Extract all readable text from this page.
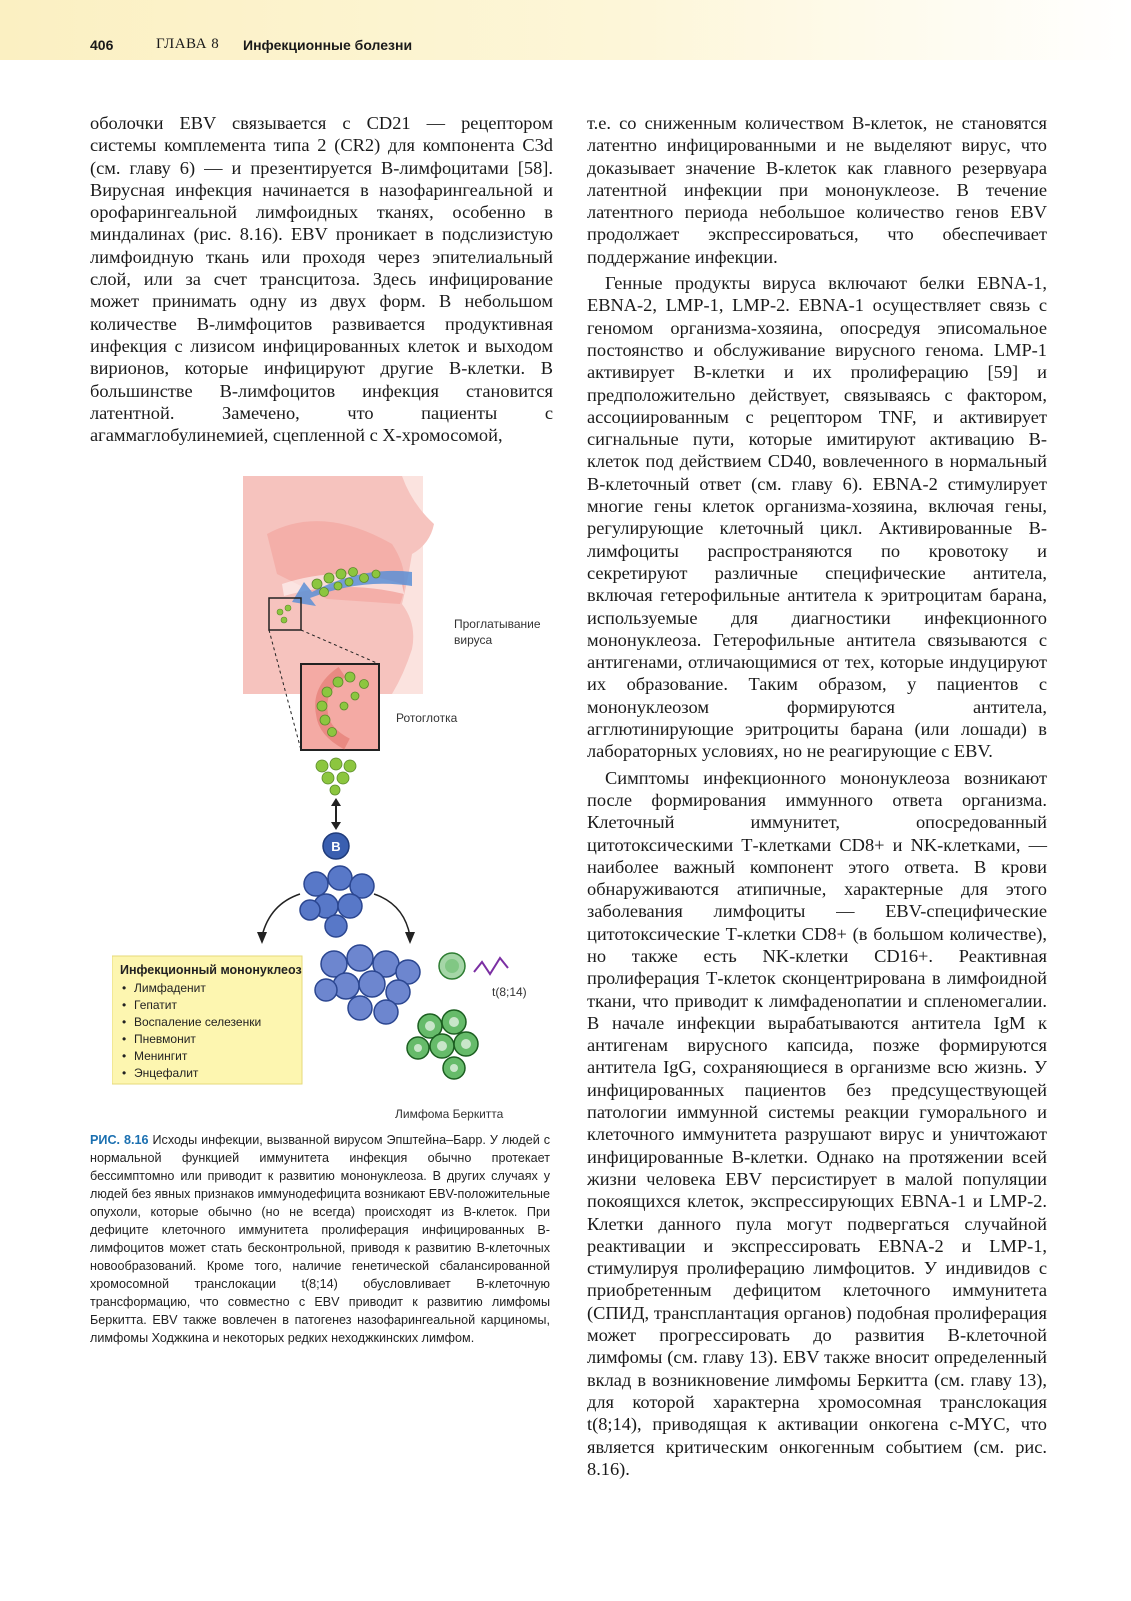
406	ГЛАВА 8 Инфекционные болезни

оболочки EBV связывается с CD21 — рецептором системы комплемента типа 2 (CR2) для компонента C3d (см. главу 6) — и презентируется В-лимфоцитами [58]. Вирусная инфекция начинается в назофарингеальной и орофарингеальной лимфоидных тканях, особенно в миндалинах (рис. 8.16). EBV проникает в подслизистую лимфоидную ткань или проходя через эпителиальный слой, или за счет трансцитоза. Здесь инфицирование может принимать одну из двух форм. В небольшом количестве В-лимфоцитов развивается продуктивная инфекция с лизисом инфицированных клеток и выходом вирионов, которые инфицируют другие В-клетки. В большинстве В-лимфоцитов инфекция становится латентной. Замечено, что пациенты с агаммаглобулинемией, сцепленной с X-хромосомой,

Проглатывание
вируса
Ротоглотка
B
Инфекционный мононуклеоз
• Лимфаденит
• Гепатит
• Воспаление селезенки
• Пневмонит
• Менингит
• Энцефалит
t(8;14)
Лимфома Беркитта
РИС. 8.16 Исходы инфекции, вызванной вирусом Эпштейна–Барр. У людей с нормальной функцией иммунитета инфекция обычно протекает бессимптомно или приводит к развитию мононуклеоза. В других случаях у людей без явных признаков иммунодефицита возникают EBV-положительные опухоли, которые обычно (но не всегда) происходят из В-клеток. При дефиците клеточного иммунитета пролиферация инфицированных В-лимфоцитов может стать бесконтрольной, приводя к развитию В-клеточных новообразований. Кроме того, наличие генетической сбалансированной хромосомной транслокации t(8;14) обусловливает В-клеточную трансформацию, что совместно с EBV приводит к развитию лимфомы Беркитта. EBV также вовлечен в патогенез назофарингеальной карциномы, лимфомы Ходжкина и некоторых редких неходжкинских лимфом.

т.е. со сниженным количеством В-клеток, не становятся латентно инфицированными и не выделяют вирус, что доказывает значение В-клеток как главного резервуара латентной инфекции при мононуклеозе. В течение латентного периода небольшое количество генов EBV продолжает экспрессироваться, что обеспечивает поддержание инфекции.

Генные продукты вируса включают белки EBNA-1, EBNA-2, LMP-1, LMP-2. EBNA-1 осуществляет связь с геномом организма-хозяина, опосредуя эписомальное постоянство и обслуживание вирусного генома. LMP-1 активирует В-клетки и их пролиферацию [59] и предположительно действует, связываясь с фактором, ассоциированным с рецептором TNF, и активирует сигнальные пути, которые имитируют активацию В-клеток под действием CD40, вовлеченного в нормальный В-клеточный ответ (см. главу 6). EBNA-2 стимулирует многие гены клеток организма-хозяина, включая гены, регулирующие клеточный цикл. Активированные В-лимфоциты распространяются по кровотоку и секретируют различные специфические антитела, включая гетерофильные антитела к эритроцитам барана, используемые для диагностики инфекционного мононуклеоза. Гетерофильные антитела связываются с антигенами, отличающимися от тех, которые индуцируют их образование. Таким образом, у пациентов с мононуклеозом формируются антитела, агглютинирующие эритроциты барана (или лошади) в лабораторных условиях, но не реагирующие с EBV.

Симптомы инфекционного мононуклеоза возникают после формирования иммунного ответа организма. Клеточный иммунитет, опосредованный цитотоксическими Т-клетками CD8+ и NK-клетками, — наиболее важный компонент этого ответа. В крови обнаруживаются атипичные, характерные для этого заболевания лимфоциты — EBV-специфические цитотоксические Т-клетки CD8+ (в большом количестве), но также есть NK-клетки CD16+. Реактивная пролиферация Т-клеток сконцентрирована в лимфоидной ткани, что приводит к лимфаденопатии и спленомегалии. В начале инфекции вырабатываются антитела IgM к антигенам вирусного капсида, позже формируются антитела IgG, сохраняющиеся в организме всю жизнь. У инфицированных пациентов без предсуществующей патологии иммунной системы реакции гуморального и клеточного иммунитета разрушают вирус и уничтожают инфицированные В-клетки. Однако на протяжении всей жизни человека EBV персистирует в малой популяции покоящихся клеток, экспрессирующих EBNA-1 и LMP-2. Клетки данного пула могут подвергаться случайной реактивации и экспрессировать EBNA-2 и LMP-1, стимулируя пролиферацию лимфоцитов. У индивидов с приобретенным дефицитом клеточного иммунитета (СПИД, трансплантация органов) подобная пролиферация может прогрессировать до развития В-клеточной лимфомы (см. главу 13). EBV также вносит определенный вклад в возникновение лимфомы Беркитта (см. главу 13), для которой характерна хромосомная транслокация t(8;14), приводящая к активации онкогена c-MYC, что является критическим онкогенным событием (см. рис. 8.16).
